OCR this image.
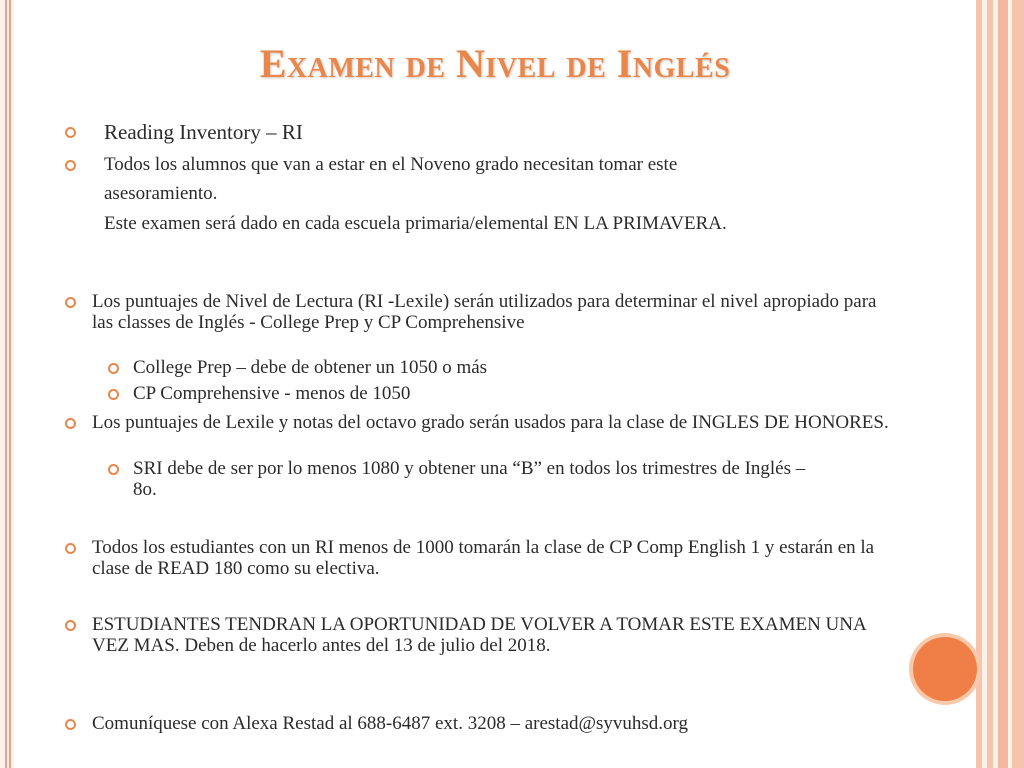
Examen de Nivel de Inglés
Reading Inventory – RI
Todos los alumnos que van a estar en el Noveno grado necesitan tomar este
asesoramiento.
Este examen será dado en cada escuela primaria/elemental EN LA PRIMAVERA.
Los puntuajes de Nivel de Lectura (RI -Lexile) serán utilizados para determinar el nivel apropiado para las classes de Inglés - College Prep y CP Comprehensive
College Prep – debe de obtener un 1050 o más
CP Comprehensive - menos de 1050
Los puntuajes de Lexile y notas del octavo grado serán usados para la clase de INGLES DE HONORES.
SRI debe de ser por lo menos 1080 y obtener una “B” en todos los trimestres de Inglés – 8o.
Todos los estudiantes con un RI menos de 1000 tomarán la clase de CP Comp English 1 y estarán en la clase de READ 180 como su electiva.
ESTUDIANTES TENDRAN LA OPORTUNIDAD DE VOLVER A TOMAR ESTE EXAMEN UNA VEZ MAS. Deben de hacerlo antes del 13 de julio del 2018.
Comuníquese con Alexa Restad al 688-6487 ext. 3208 – arestad@syvuhsd.org
